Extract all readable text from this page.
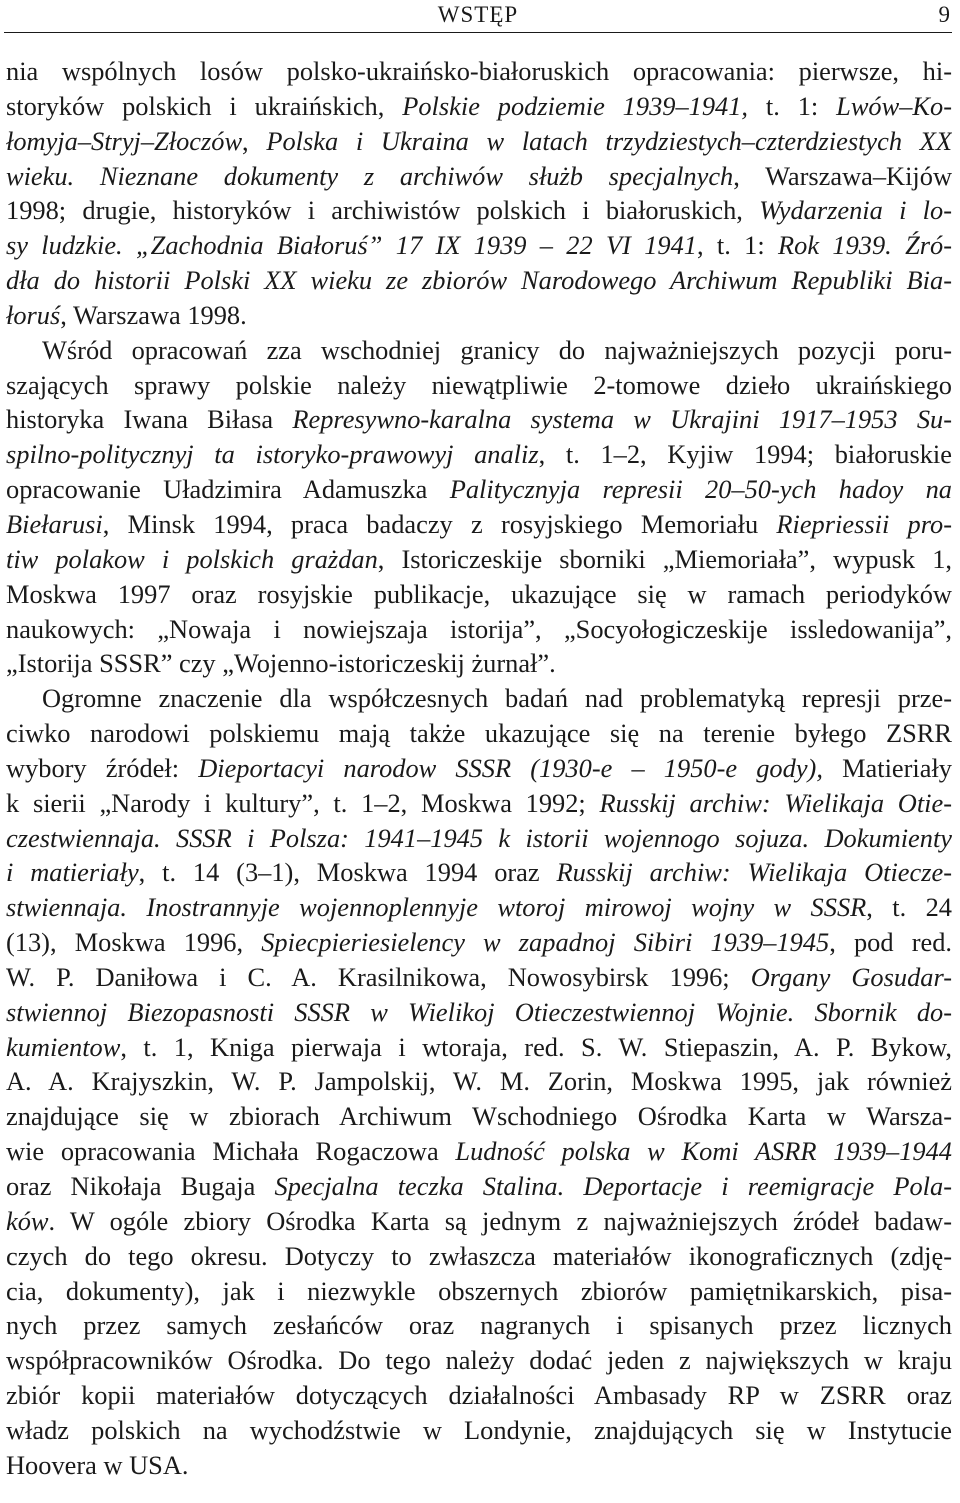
WSTĘP	9
nia wspólnych losów polsko-ukraińsko-białoruskich opracowania: pierwsze, hi-
storyków polskich i ukraińskich, Polskie podziemie 1939–1941, t. 1: Lwów–Ko-
łomyja–Stryj–Złoczów, Polska i Ukraina w latach trzydziestych–czterdziestych XX
wieku. Nieznane dokumenty z archiwów służb specjalnych, Warszawa–Kijów
1998; drugie, historyków i archiwistów polskich i białoruskich, Wydarzenia i lo-
sy ludzkie. „Zachodnia Białoruś” 17 IX 1939 – 22 VI 1941, t. 1: Rok 1939. Źró-
dła do historii Polski XX wieku ze zbiorów Narodowego Archiwum Republiki Bia-
łoruś, Warszawa 1998.
Wśród opracowań zza wschodniej granicy do najważniejszych pozycji poru-
szających sprawy polskie należy niewątpliwie 2-tomowe dzieło ukraińskiego
historyka Iwana Biłasa Represywno-karalna systema w Ukrajini 1917–1953 Su-
spilno-politycznyj ta istoryko-prawowyj analiz, t. 1–2, Kyjiw 1994; białoruskie
opracowanie Uładzimira Adamuszka Palitycznyja represii 20–50-ych hadoy na
Biełarusi, Minsk 1994, praca badaczy z rosyjskiego Memoriału Riepriessii pro-
tiw polakow i polskich grażdan, Istoriczeskije sborniki „Miemoriała”, wypusk 1,
Moskwa 1997 oraz rosyjskie publikacje, ukazujące się w ramach periodyków
naukowych: „Nowaja i nowiejszaja istorija”, „Socyołogiczeskije issledowanija”,
„Istorija SSSR” czy „Wojenno-istoriczeskij żurnał”.
Ogromne znaczenie dla współczesnych badań nad problematyką represji prze-
ciwko narodowi polskiemu mają także ukazujące się na terenie byłego ZSRR
wybory źródeł: Dieportacyi narodow SSSR (1930-e – 1950-e gody), Matieriały
k sierii „Narody i kultury”, t. 1–2, Moskwa 1992; Russkij archiw: Wielikaja Otie-
czestwiennaja. SSSR i Polsza: 1941–1945 k istorii wojennogo sojuza. Dokumienty
i matieriały, t. 14 (3–1), Moskwa 1994 oraz Russkij archiw: Wielikaja Otiecze-
stwiennaja. Inostrannyje wojennoplennyje wtoroj mirowoj wojny w SSSR, t. 24
(13), Moskwa 1996, Spiecpieriesielency w zapadnoj Sibiri 1939–1945, pod red.
W. P. Daniłowa i C. A. Krasilnikowa, Nowosybirsk 1996; Organy Gosudar-
stwiennoj Biezopasnosti SSSR w Wielikoj Otieczestwiennoj Wojnie. Sbornik do-
kumientow, t. 1, Kniga pierwaja i wtoraja, red. S. W. Stiepaszin, A. P. Bykow,
A. A. Krajyszkin, W. P. Jampolskij, W. M. Zorin, Moskwa 1995, jak również
znajdujące się w zbiorach Archiwum Wschodniego Ośrodka Karta w Warsza-
wie opracowania Michała Rogaczowa Ludność polska w Komi ASRR 1939–1944
oraz Nikołaja Bugaja Specjalna teczka Stalina. Deportacje i reemigracje Pola-
ków. W ogóle zbiory Ośrodka Karta są jednym z najważniejszych źródeł badaw-
czych do tego okresu. Dotyczy to zwłaszcza materiałów ikonograficznych (zdję-
cia, dokumenty), jak i niezwykle obszernych zbiorów pamiętnikarskich, pisa-
nych przez samych zesłańców oraz nagranych i spisanych przez licznych
współpracowników Ośrodka. Do tego należy dodać jeden z największych w kraju
zbiór kopii materiałów dotyczących działalności Ambasady RP w ZSRR oraz
władz polskich na wychodźstwie w Londynie, znajdujących się w Instytucie
Hoovera w USA.
